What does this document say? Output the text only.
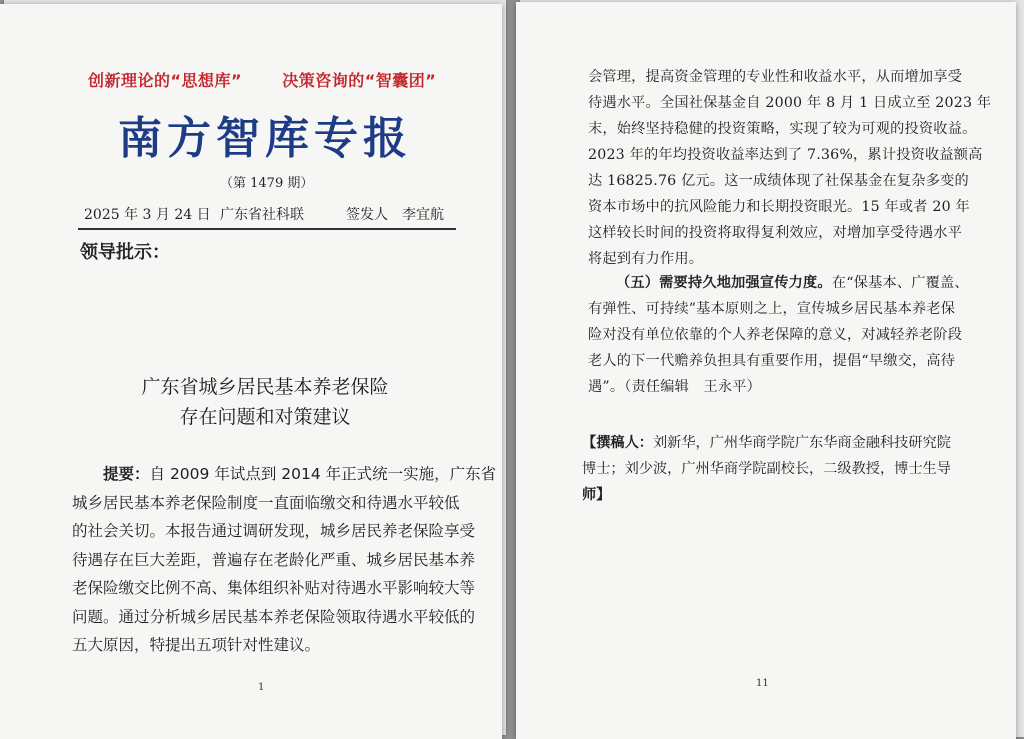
创新理论的“思想库”	决策咨询的“智囊团”
南方智库专报
（第 1479 期）
2025 年 3 月 24 日 广东省社科联	签发人　李宜航
领导批示：
广东省城乡居民基本养老保险
存在问题和对策建议
提要：自 2009 年试点到 2014 年正式统一实施，广东省
城乡居民基本养老保险制度一直面临缴交和待遇水平较低
的社会关切。本报告通过调研发现，城乡居民养老保险享受
待遇存在巨大差距，普遍存在老龄化严重、城乡居民基本养
老保险缴交比例不高、集体组织补贴对待遇水平影响较大等
问题。通过分析城乡居民基本养老保险领取待遇水平较低的
五大原因，特提出五项针对性建议。
1
会管理，提高资金管理的专业性和收益水平，从而增加享受
待遇水平。全国社保基金自 2000 年 8 月 1 日成立至 2023 年
末，始终坚持稳健的投资策略，实现了较为可观的投资收益。
2023 年的年均投资收益率达到了 7.36%，累计投资收益额高
达 16825.76 亿元。这一成绩体现了社保基金在复杂多变的
资本市场中的抗风险能力和长期投资眼光。15 年或者 20 年
这样较长时间的投资将取得复利效应，对增加享受待遇水平
将起到有力作用。
（五）需要持久地加强宣传力度。在“保基本、广覆盖、
有弹性、可持续”基本原则之上，宣传城乡居民基本养老保
险对没有单位依靠的个人养老保障的意义，对减轻养老阶段
老人的下一代赡养负担具有重要作用，提倡“早缴交，高待
遇”。（责任编辑　王永平）
【撰稿人：刘新华，广州华商学院广东华商金融科技研究院
博士；刘少波，广州华商学院副校长，二级教授，博士生导
师】
11
